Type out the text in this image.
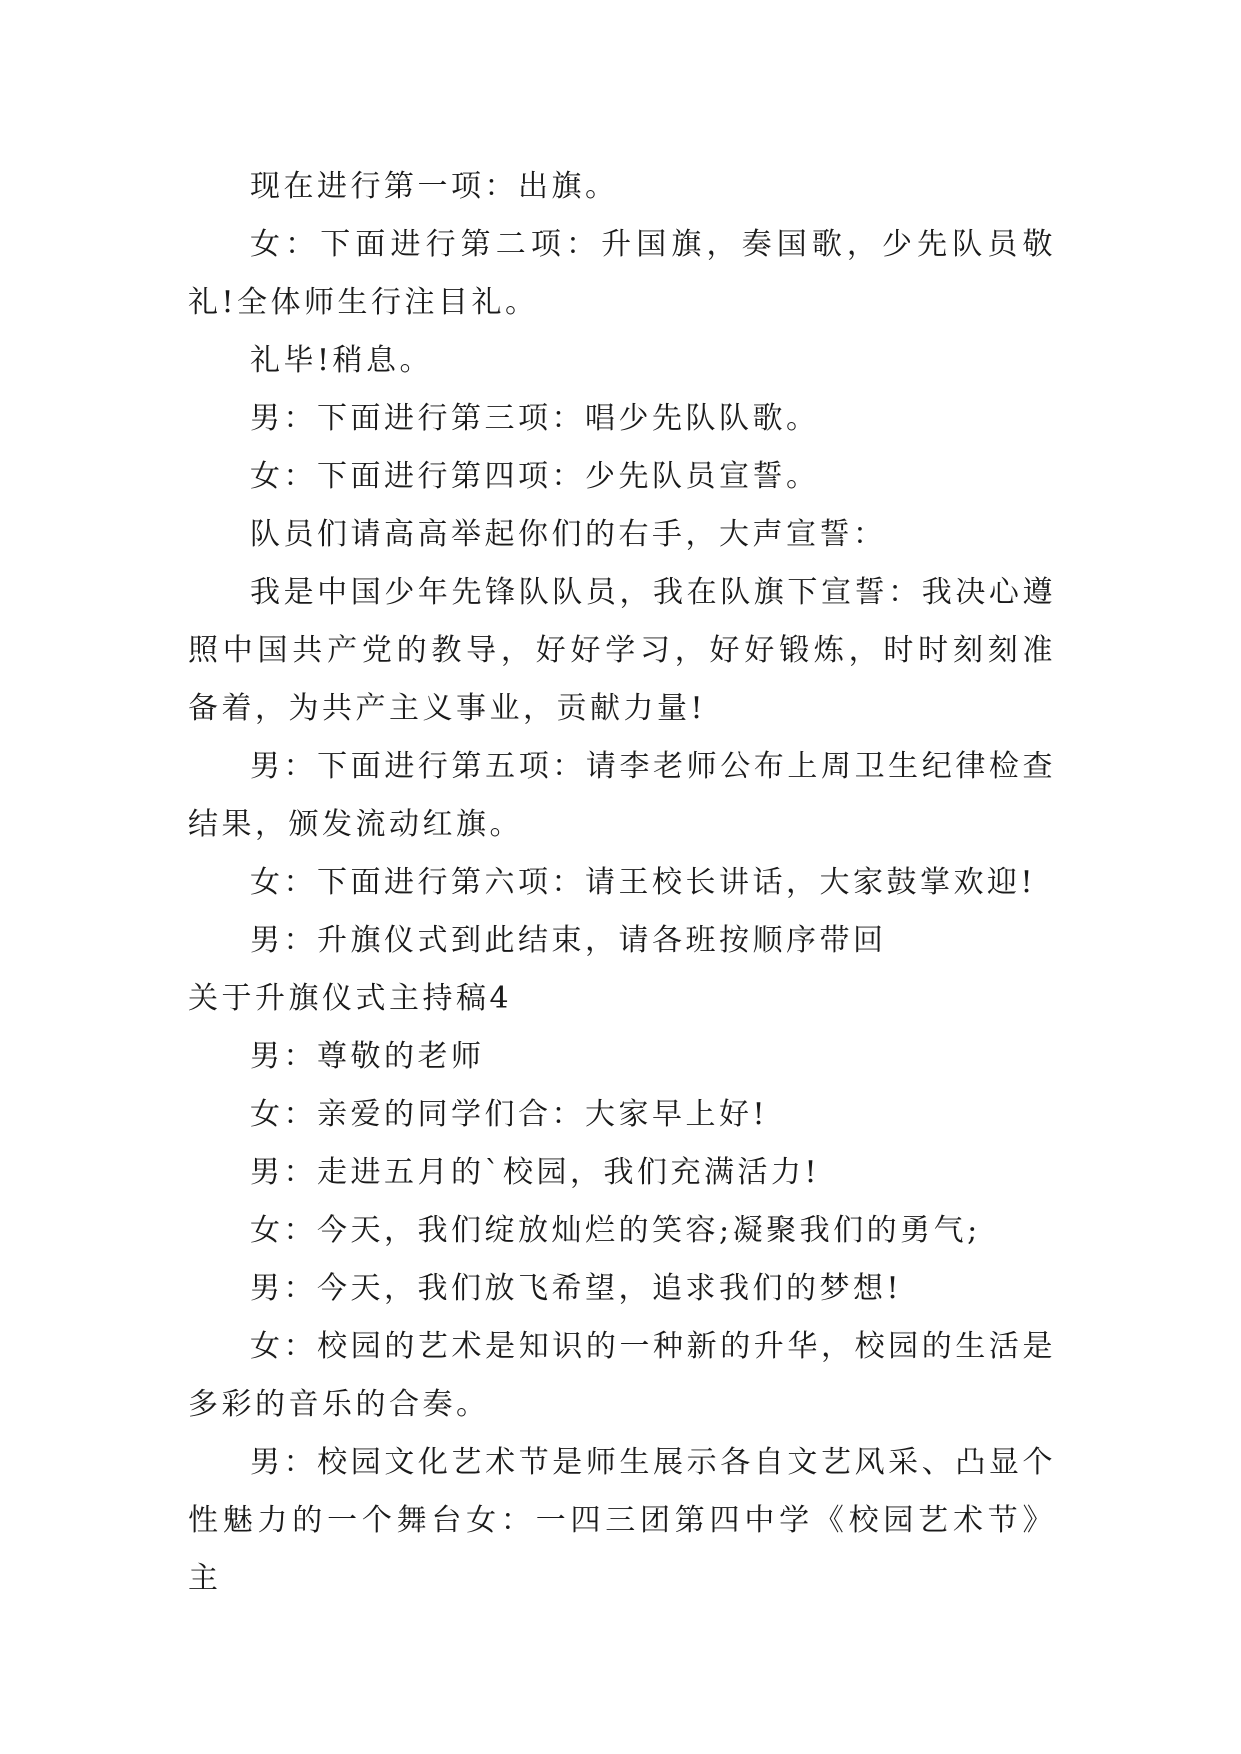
现在进行第一项：出旗。

女：下面进行第二项：升国旗，奏国歌，少先队员敬礼!全体师生行注目礼。

礼毕!稍息。

男：下面进行第三项：唱少先队队歌。

女：下面进行第四项：少先队员宣誓。

队员们请高高举起你们的右手，大声宣誓：

我是中国少年先锋队队员，我在队旗下宣誓：我决心遵照中国共产党的教导，好好学习，好好锻炼，时时刻刻准备着，为共产主义事业，贡献力量!

男：下面进行第五项：请李老师公布上周卫生纪律检查结果，颁发流动红旗。

女：下面进行第六项：请王校长讲话，大家鼓掌欢迎!

男：升旗仪式到此结束，请各班按顺序带回

关于升旗仪式主持稿4

男：尊敬的老师

女：亲爱的同学们合：大家早上好!

男：走进五月的`校园，我们充满活力!

女：今天，我们绽放灿烂的笑容;凝聚我们的勇气;

男：今天，我们放飞希望，追求我们的梦想!

女：校园的艺术是知识的一种新的升华，校园的生活是多彩的音乐的合奏。

男：校园文化艺术节是师生展示各自文艺风采、凸显个性魅力的一个舞台女：一四三团第四中学《校园艺术节》主
